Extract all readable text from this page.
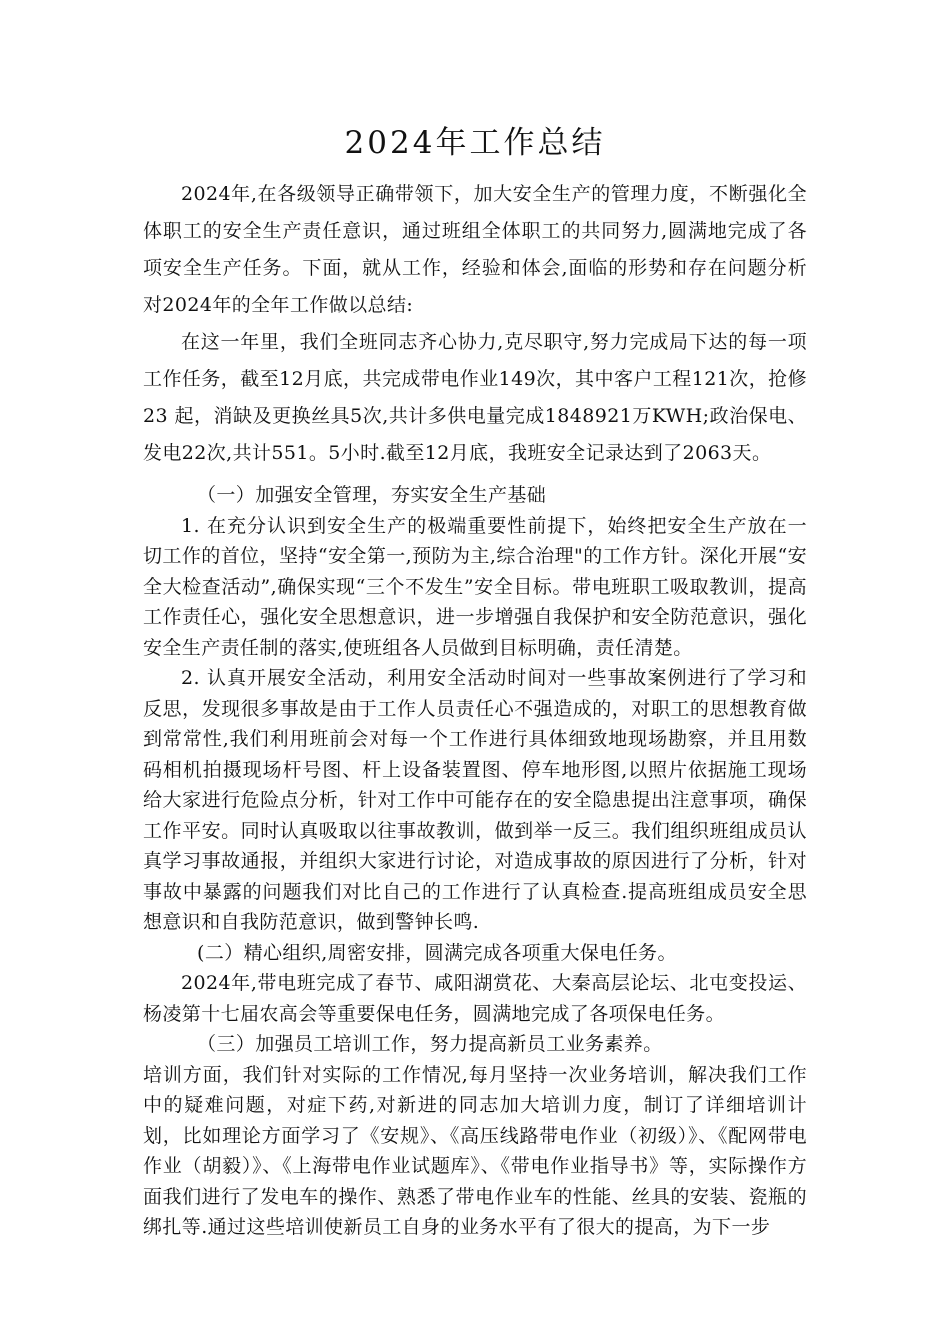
2024年工作总结

2024年,在各级领导正确带领下，加大安全生产的管理力度，不断强化全体职工的安全生产责任意识，通过班组全体职工的共同努力,圆满地完成了各项安全生产任务。下面，就从工作，经验和体会,面临的形势和存在问题分析对2024年的全年工作做以总结:

在这一年里，我们全班同志齐心协力,克尽职守,努力完成局下达的每一项工作任务，截至12月底，共完成带电作业149次，其中客户工程121次，抢修 23 起，消缺及更换丝具5次,共计多供电量完成1848921万KWH;政治保电、发电22次,共计551。5小时.截至12月底，我班安全记录达到了2063天。

（一）加强安全管理，夯实安全生产基础

1. 在充分认识到安全生产的极端重要性前提下，始终把安全生产放在一切工作的首位，坚持“安全第一,预防为主,综合治理"的工作方针。深化开展“安全大检查活动”,确保实现“三个不发生”安全目标。带电班职工吸取教训，提高工作责任心，强化安全思想意识，进一步增强自我保护和安全防范意识，强化安全生产责任制的落实,使班组各人员做到目标明确，责任清楚。

2. 认真开展安全活动，利用安全活动时间对一些事故案例进行了学习和反思，发现很多事故是由于工作人员责任心不强造成的，对职工的思想教育做到常常性,我们利用班前会对每一个工作进行具体细致地现场勘察，并且用数码相机拍摄现场杆号图、杆上设备装置图、停车地形图,以照片依据施工现场给大家进行危险点分析，针对工作中可能存在的安全隐患提出注意事项，确保工作平安。同时认真吸取以往事故教训，做到举一反三。我们组织班组成员认真学习事故通报，并组织大家进行讨论，对造成事故的原因进行了分析，针对事故中暴露的问题我们对比自己的工作进行了认真检查.提高班组成员安全思想意识和自我防范意识，做到警钟长鸣.

(二）精心组织,周密安排，圆满完成各项重大保电任务。

2024年,带电班完成了春节、咸阳湖赏花、大秦高层论坛、北屯变投运、杨凌第十七届农高会等重要保电任务，圆满地完成了各项保电任务。

（三）加强员工培训工作，努力提高新员工业务素养。

培训方面，我们针对实际的工作情况,每月坚持一次业务培训，解决我们工作中的疑难问题，对症下药,对新进的同志加大培训力度，制订了详细培训计划，比如理论方面学习了《安规》、《高压线路带电作业（初级）》、《配网带电作业（胡毅）》、《上海带电作业试题库》、《带电作业指导书》等，实际操作方面我们进行了发电车的操作、熟悉了带电作业车的性能、丝具的安装、瓷瓶的绑扎等.通过这些培训使新员工自身的业务水平有了很大的提高，为下一步
